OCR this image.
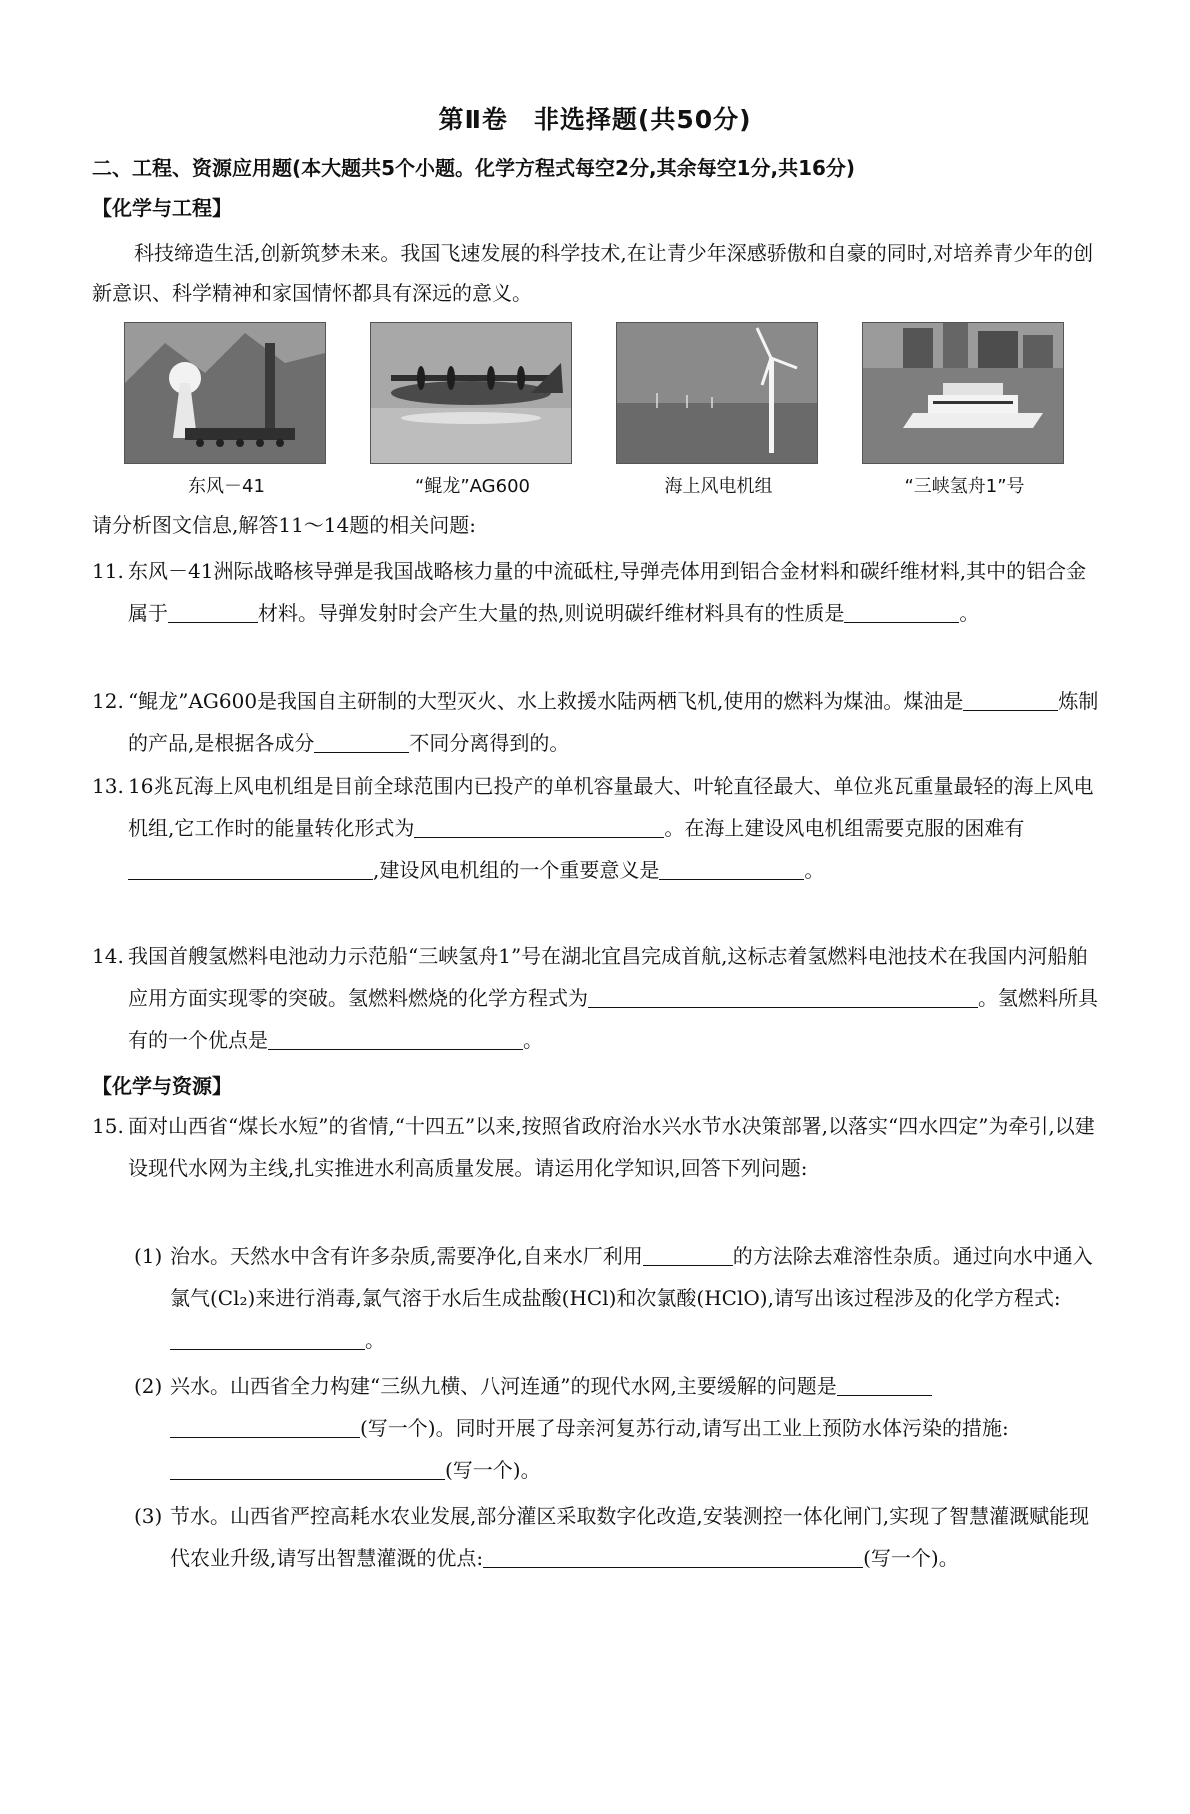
第Ⅱ卷　非选择题(共50分)
二、工程、资源应用题(本大题共5个小题。化学方程式每空2分,其余每空1分,共16分)
【化学与工程】
科技缔造生活,创新筑梦未来。我国飞速发展的科学技术,在让青少年深感骄傲和自豪的同时,对培养青少年的创新意识、科学精神和家国情怀都具有深远的意义。
东风－41	“鲲龙”AG600	海上风电机组	“三峡氢舟1”号
请分析图文信息,解答11～14题的相关问题:
11. 东风－41洲际战略核导弹是我国战略核力量的中流砥柱,导弹壳体用到铝合金材料和碳纤维材料,其中的铝合金属于	材料。导弹发射时会产生大量的热,则说明碳纤维材料具有的性质是	。
12. “鲲龙”AG600是我国自主研制的大型灭火、水上救援水陆两栖飞机,使用的燃料为煤油。煤油是	炼制的产品,是根据各成分	不同分离得到的。
13. 16兆瓦海上风电机组是目前全球范围内已投产的单机容量最大、叶轮直径最大、单位兆瓦重量最轻的海上风电机组,它工作时的能量转化形式为	。在海上建设风电机组需要克服的困难有,建设风电机组的一个重要意义是	。
14. 我国首艘氢燃料电池动力示范船“三峡氢舟1”号在湖北宜昌完成首航,这标志着氢燃料电池技术在我国内河船舶应用方面实现零的突破。氢燃料燃烧的化学方程式为	。氢燃料所具有的一个优点是	。
【化学与资源】
15. 面对山西省“煤长水短”的省情,“十四五”以来,按照省政府治水兴水节水决策部署,以落实“四水四定”为牵引,以建设现代水网为主线,扎实推进水利高质量发展。请运用化学知识,回答下列问题:
(1) 治水。天然水中含有许多杂质,需要净化,自来水厂利用	的方法除去难溶性杂质。通过向水中通入氯气(Cl₂)来进行消毒,氯气溶于水后生成盐酸(HCl)和次氯酸(HClO),请写出该过程涉及的化学方程式:。
(2) 兴水。山西省全力构建“三纵九横、八河连通”的现代水网,主要缓解的问题是(写一个)。同时开展了母亲河复苏行动,请写出工业上预防水体污染的措施:(写一个)。
(3) 节水。山西省严控高耗水农业发展,部分灌区采取数字化改造,安装测控一体化闸门,实现了智慧灌溉赋能现代农业升级,请写出智慧灌溉的优点:	(写一个)。
